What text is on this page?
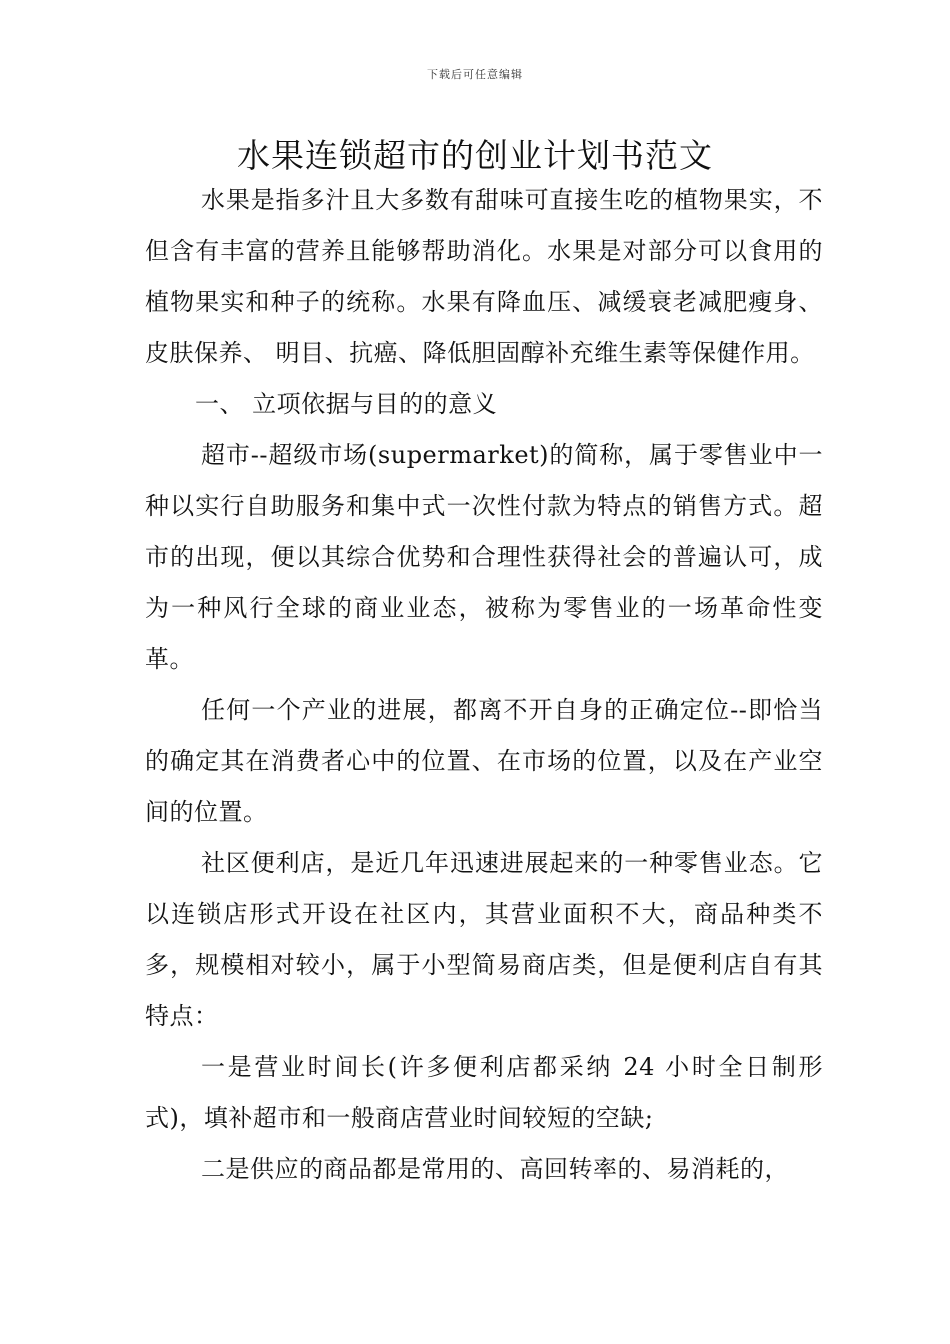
下载后可任意编辑
水果连锁超市的创业计划书范文

水果是指多汁且大多数有甜味可直接生吃的植物果实，不但含有丰富的营养且能够帮助消化。水果是对部分可以食用的植物果实和种子的统称。水果有降血压、减缓衰老减肥瘦身、皮肤保养、 明目、抗癌、降低胆固醇补充维生素等保健作用。

一、 立项依据与目的的意义

超市--超级市场(supermarket)的简称，属于零售业中一种以实行自助服务和集中式一次性付款为特点的销售方式。超市的出现，便以其综合优势和合理性获得社会的普遍认可，成为一种风行全球的商业业态，被称为零售业的一场革命性变革。

任何一个产业的进展，都离不开自身的正确定位--即恰当的确定其在消费者心中的位置、在市场的位置，以及在产业空间的位置。

社区便利店，是近几年迅速进展起来的一种零售业态。它以连锁店形式开设在社区内，其营业面积不大，商品种类不多，规模相对较小，属于小型简易商店类，但是便利店自有其特点：

一是营业时间长(许多便利店都采纳 24 小时全日制形式)，填补超市和一般商店营业时间较短的空缺;

二是供应的商品都是常用的、高回转率的、易消耗的，
